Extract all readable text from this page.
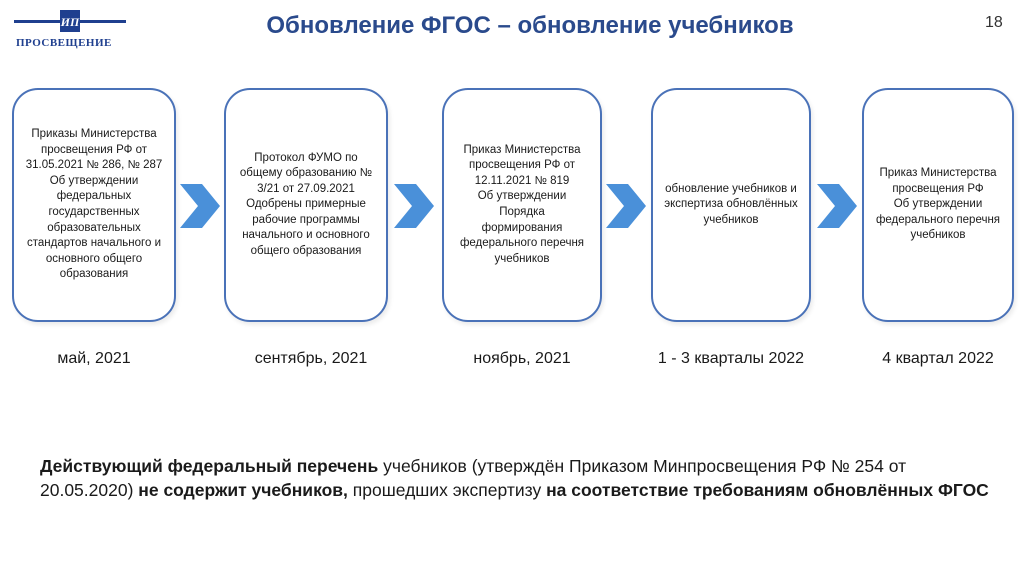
ИП
ПРОСВЕЩЕНИЕ
Обновление ФГОС – обновление учебников	18
Приказы Министерства
просвещения РФ от
31.05.2021 № 286, № 287
Об утверждении
федеральных
государственных
образовательных
стандартов начального и
основного общего
образования
Протокол ФУМО по
общему образованию №
3/21 от 27.09.2021
Одобрены примерные
рабочие программы
начального и основного
общего образования
Приказ Министерства
просвещения РФ от
12.11.2021 № 819
Об утверждении Порядка
формирования
федерального перечня
учебников
обновление учебников и
экспертиза обновлённых
учебников
Приказ Министерства
просвещения РФ
Об утверждении
федерального перечня
учебников
май, 2021	сентябрь, 2021	ноябрь, 2021	1 - 3 кварталы 2022	4 квартал 2022
Действующий федеральный перечень учебников (утверждён Приказом Минпросвещения РФ № 254 от 20.05.2020) не содержит учебников, прошедших экспертизу на соответствие требованиям обновлённых ФГОС
